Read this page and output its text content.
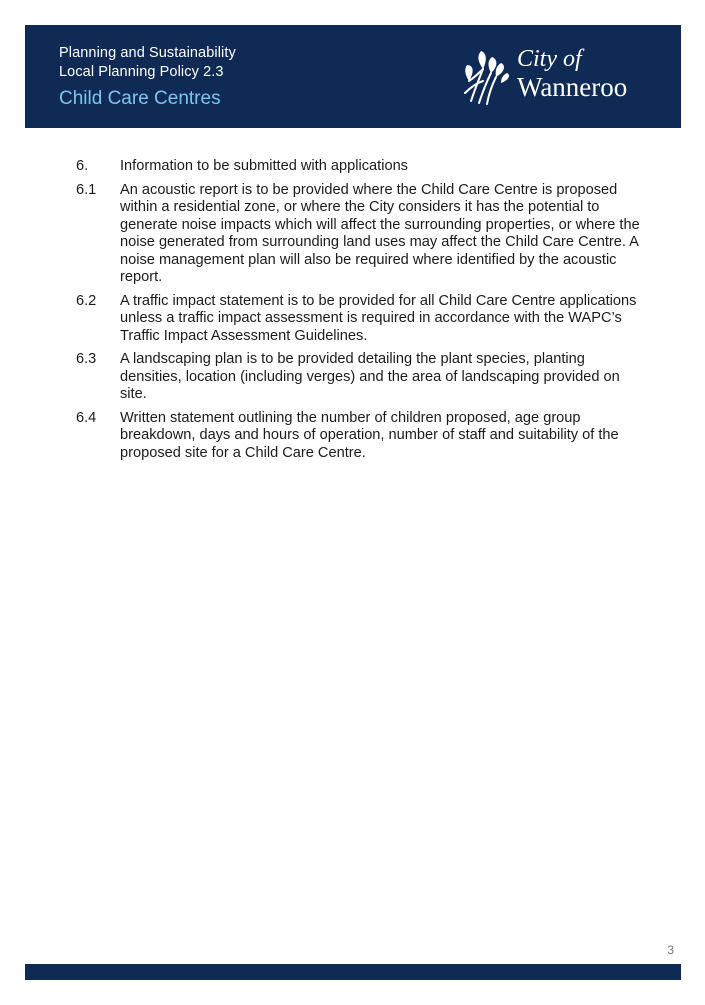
Planning and Sustainability
Local Planning Policy 2.3
Child Care Centres
City of
Wanneroo
6.	Information to be submitted with applications
6.1	An acoustic report is to be provided where the Child Care Centre is proposed within a residential zone, or where the City considers it has the potential to generate noise impacts which will affect the surrounding properties, or where the noise generated from surrounding land uses may affect the Child Care Centre. A noise management plan will also be required where identified by the acoustic report.
6.2	A traffic impact statement is to be provided for all Child Care Centre applications unless a traffic impact assessment is required in accordance with the WAPC’s Traffic Impact Assessment Guidelines.
6.3	A landscaping plan is to be provided detailing the plant species, planting densities, location (including verges) and the area of landscaping provided on site.
6.4	Written statement outlining the number of children proposed, age group breakdown, days and hours of operation, number of staff and suitability of the proposed site for a Child Care Centre.
3
